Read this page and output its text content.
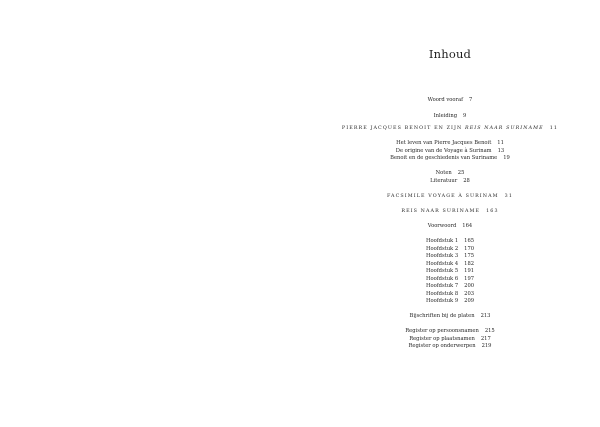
Inhoud
Woord vooraf 7
Inleiding 9
PIERRE JACQUES BENOIT EN ZIJN REIS NAAR SURINAME 11
Het leven van Pierre Jacques Benoit 11
De origine van de Voyage à Surinam 13
Benoit en de geschiedenis van Suriname 19
Noten 25
Literatuur 28
FACSIMILE VOYAGE À SURINAM 31
REIS NAAR SURINAME 163
Voorwoord 164
Hoofdstuk 1 165
Hoofdstuk 2 170
Hoofdstuk 3 175
Hoofdstuk 4 182
Hoofdstuk 5 191
Hoofdstuk 6 197
Hoofdstuk 7 200
Hoofdstuk 8 203
Hoofdstuk 9 209
Bijschriften bij de platen 213
Register op persoonsnamen 215
Register op plaatsnamen 217
Register op onderwerpen 219
